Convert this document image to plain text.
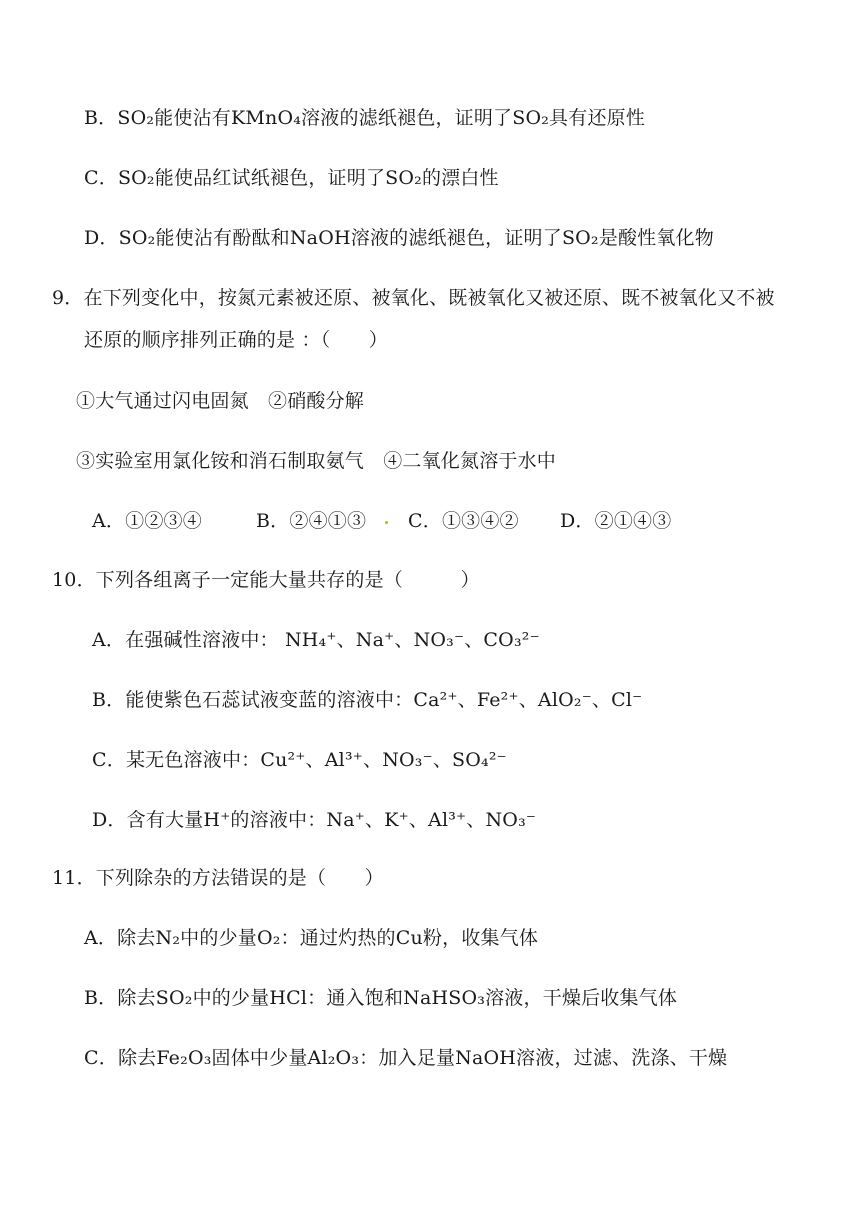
B．SO₂能使沾有KMnO₄溶液的滤纸褪色，证明了SO₂具有还原性
C．SO₂能使品红试纸褪色，证明了SO₂的漂白性
D．SO₂能使沾有酚酞和NaOH溶液的滤纸褪色，证明了SO₂是酸性氧化物
9．在下列变化中，按氮元素被还原、被氧化、既被氧化又被还原、既不被氧化又不被
还原的顺序排列正确的是 ：（　　）
①大气通过闪电固氮　②硝酸分解
③实验室用氯化铵和消石制取氨气　④二氧化氮溶于水中
A．①②③④	B．②④①③ C．①③④② D．②①④③
10．下列各组离子一定能大量共存的是（　　　）
A．在强碱性溶液中： NH₄⁺、Na⁺、NO₃⁻、CO₃²⁻
B．能使紫色石蕊试液变蓝的溶液中：Ca²⁺、Fe²⁺、AlO₂⁻、Cl⁻
C．某无色溶液中：Cu²⁺、Al³⁺、NO₃⁻、SO₄²⁻
D．含有大量H⁺的溶液中：Na⁺、K⁺、Al³⁺、NO₃⁻
11．下列除杂的方法错误的是（　　）
A．除去N₂中的少量O₂：通过灼热的Cu粉，收集气体
B．除去SO₂中的少量HCl：通入饱和NaHSO₃溶液，干燥后收集气体
C．除去Fe₂O₃固体中少量Al₂O₃：加入足量NaOH溶液，过滤、洗涤、干燥
